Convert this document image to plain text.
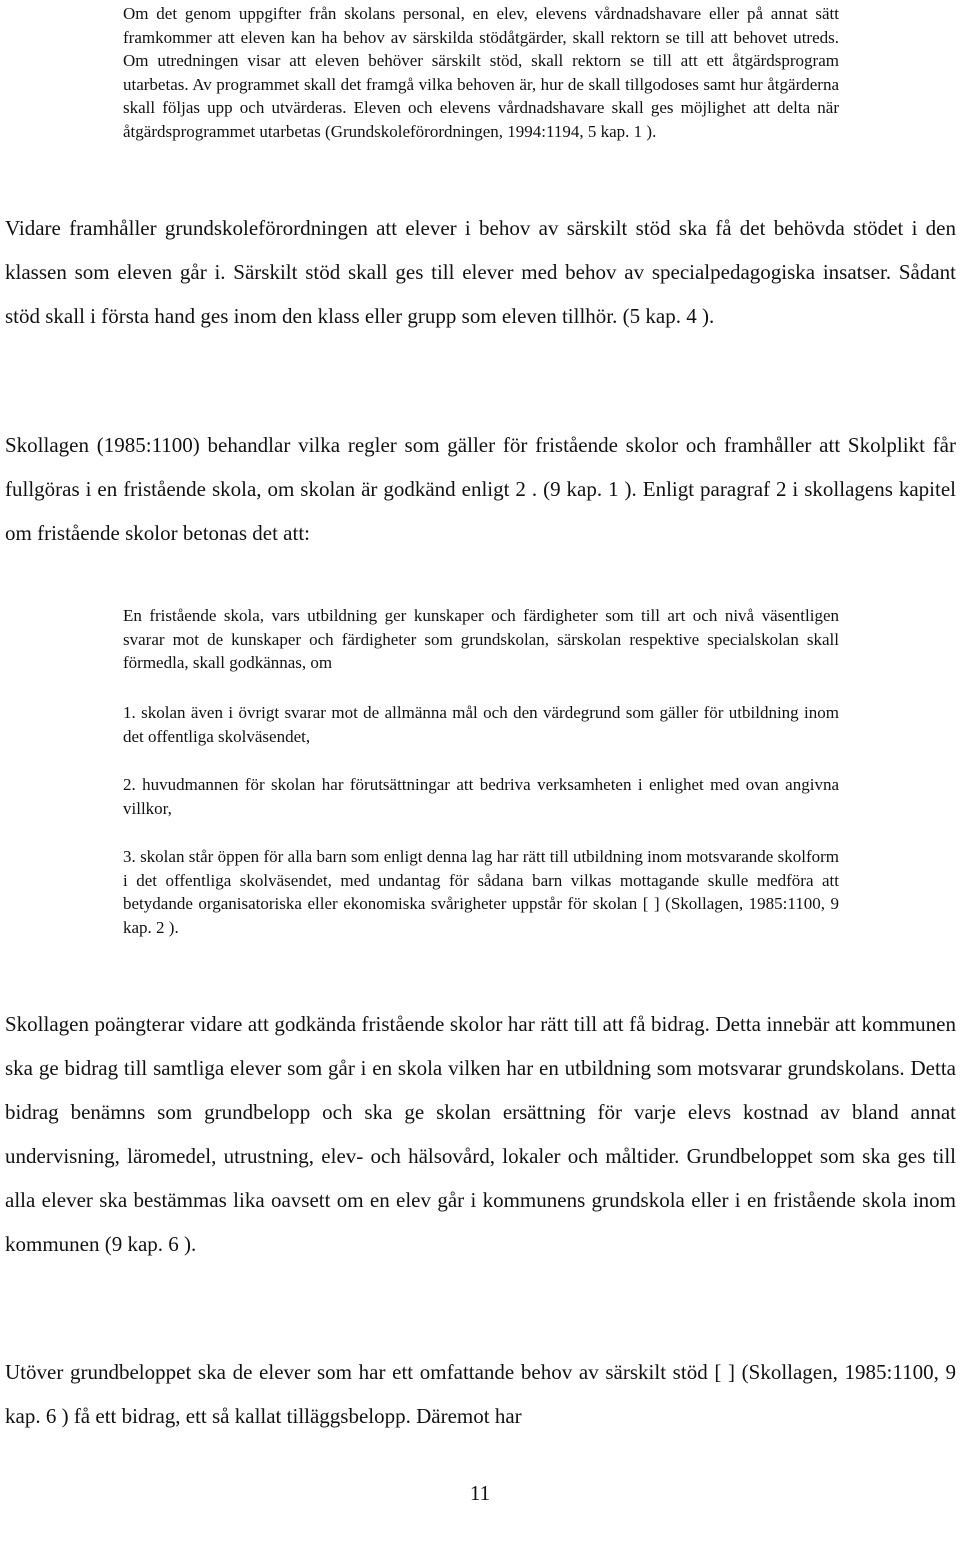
Om det genom uppgifter från skolans personal, en elev, elevens vårdnadshavare eller på annat sätt framkommer att eleven kan ha behov av särskilda stödåtgärder, skall rektorn se till att behovet utreds. Om utredningen visar att eleven behöver särskilt stöd, skall rektorn se till att ett åtgärdsprogram utarbetas. Av programmet skall det framgå vilka behoven är, hur de skall tillgodoses samt hur åtgärderna skall följas upp och utvärderas. Eleven och elevens vårdnadshavare skall ges möjlighet att delta när åtgärdsprogrammet utarbetas (Grundskoleförordningen, 1994:1194, 5 kap. 1 ).

Vidare framhåller grundskoleförordningen att elever i behov av särskilt stöd ska få det behövda stödet i den klassen som eleven går i. Särskilt stöd skall ges till elever med behov av specialpedagogiska insatser. Sådant stöd skall i första hand ges inom den klass eller grupp som eleven tillhör. (5 kap. 4 ).

Skollagen (1985:1100) behandlar vilka regler som gäller för fristående skolor och framhåller att Skolplikt får fullgöras i en fristående skola, om skolan är godkänd enligt 2 . (9 kap. 1 ). Enligt paragraf 2 i skollagens kapitel om fristående skolor betonas det att:

En fristående skola, vars utbildning ger kunskaper och färdigheter som till art och nivå väsentligen svarar mot de kunskaper och färdigheter som grundskolan, särskolan respektive specialskolan skall förmedla, skall godkännas, om

1. skolan även i övrigt svarar mot de allmänna mål och den värdegrund som gäller för utbildning inom det offentliga skolväsendet,

2. huvudmannen för skolan har förutsättningar att bedriva verksamheten i enlighet med ovan angivna villkor,

3. skolan står öppen för alla barn som enligt denna lag har rätt till utbildning inom motsvarande skolform i det offentliga skolväsendet, med undantag för sådana barn vilkas mottagande skulle medföra att betydande organisatoriska eller ekonomiska svårigheter uppstår för skolan [ ] (Skollagen, 1985:1100, 9 kap. 2 ).

Skollagen poängterar vidare att godkända fristående skolor har rätt till att få bidrag. Detta innebär att kommunen ska ge bidrag till samtliga elever som går i en skola vilken har en utbildning som motsvarar grundskolans. Detta bidrag benämns som grundbelopp och ska ge skolan ersättning för varje elevs kostnad av bland annat undervisning, läromedel, utrustning, elev- och hälsovård, lokaler och måltider. Grundbeloppet som ska ges till alla elever ska bestämmas lika oavsett om en elev går i kommunens grundskola eller i en fristående skola inom kommunen (9 kap. 6 ).

Utöver grundbeloppet ska de elever som har ett omfattande behov av särskilt stöd [ ] (Skollagen, 1985:1100, 9 kap. 6 ) få ett bidrag, ett så kallat tilläggsbelopp. Däremot har

11
